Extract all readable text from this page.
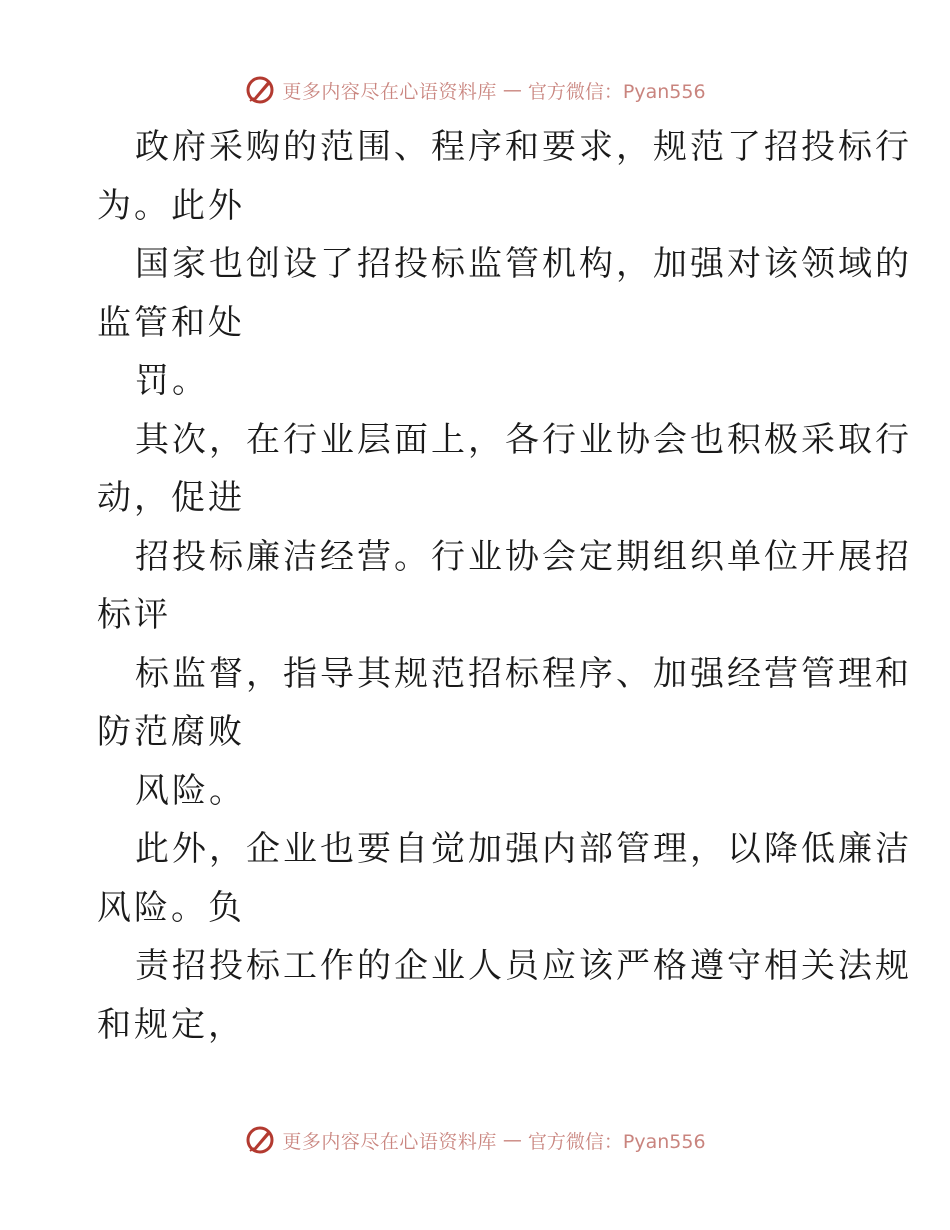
更多内容尽在心语资料库 — 官方微信：Pyan556
政府采购的范围、程序和要求，规范了招投标行
为。此外
国家也创设了招投标监管机构，加强对该领域的
监管和处
罚。
其次，在行业层面上，各行业协会也积极采取行
动，促进
招投标廉洁经营。行业协会定期组织单位开展招
标评
标监督，指导其规范招标程序、加强经营管理和
防范腐败
风险。
此外，企业也要自觉加强内部管理，以降低廉洁
风险。负
责招投标工作的企业人员应该严格遵守相关法规
和规定，
更多内容尽在心语资料库 — 官方微信：Pyan556
